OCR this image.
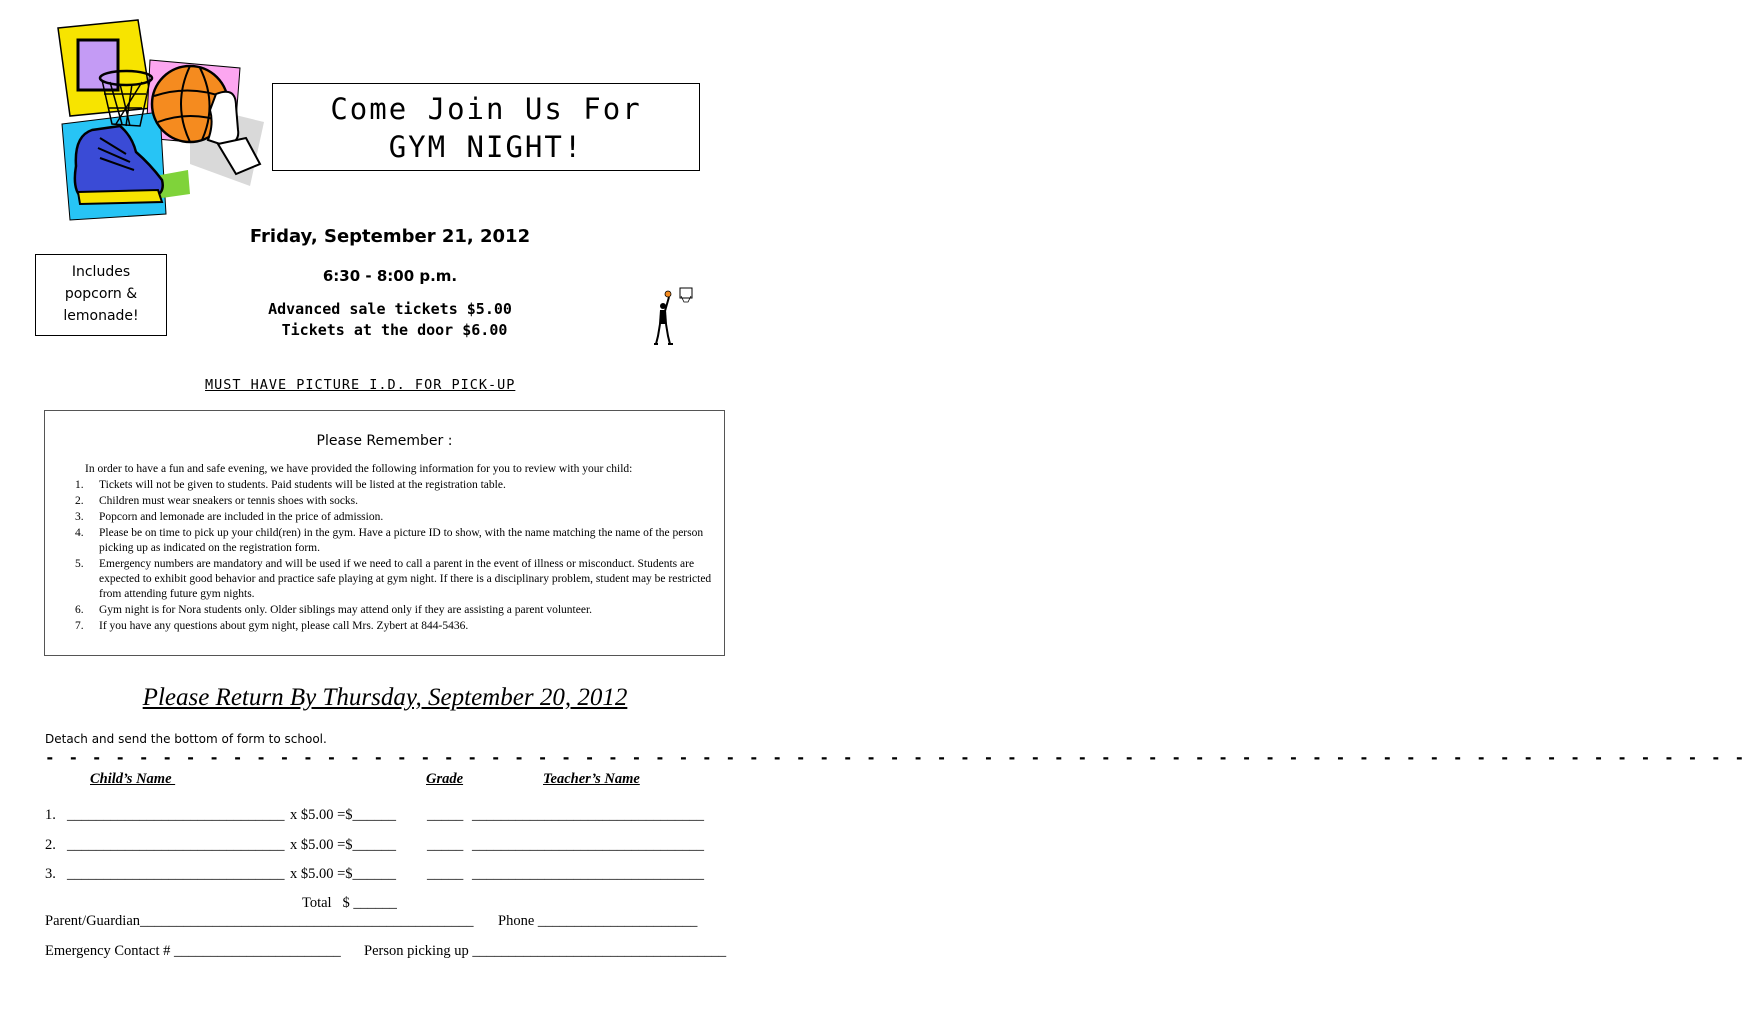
Come Join Us For
GYM NIGHT!
Includes
popcorn &
lemonade!
Friday, September 21, 2012
6:30 - 8:00 p.m.
Advanced sale tickets $5.00
Tickets at the door $6.00
MUST HAVE PICTURE I.D. FOR PICK-UP
Please Remember :
In order to have a fun and safe evening, we have provided the following information for you to review with your child:
1.	Tickets will not be given to students. Paid students will be listed at the registration table.
2.	Children must wear sneakers or tennis shoes with socks.
3.	Popcorn and lemonade are included in the price of admission.
4.	Please be on time to pick up your child(ren) in the gym. Have a picture ID to show, with the name matching the name of the person picking up as indicated on the registration form.
5.	Emergency numbers are mandatory and will be used if we need to call a parent in the event of illness or misconduct. Students are expected to exhibit good behavior and practice safe playing at gym night. If there is a disciplinary problem, student may be restricted from attending future gym nights.
6.	Gym night is for Nora students only. Older siblings may attend only if they are assisting a parent volunteer.
7.	If you have any questions about gym night, please call Mrs. Zybert at 844-5436.
Please Return By Thursday, September 20, 2012
Detach and send the bottom of form to school.
- - - - - - - - - - - - - - - - - - - - - - - - - - - - - - - - - - - - - - - - - - - - - - - - - - - - - - - - - - - - - - - - - - - - - - - - -
Child’s Name	Grade	Teacher’s Name
1. ______________________________ x $5.00 =$______ _____ ________________________________
2. ______________________________ x $5.00 =$______ _____ ________________________________
3. ______________________________ x $5.00 =$______ _____ ________________________________
Total   $ ______
Parent/Guardian______________________________________________ Phone ______________________
Emergency Contact # _______________________ Person picking up ___________________________________
